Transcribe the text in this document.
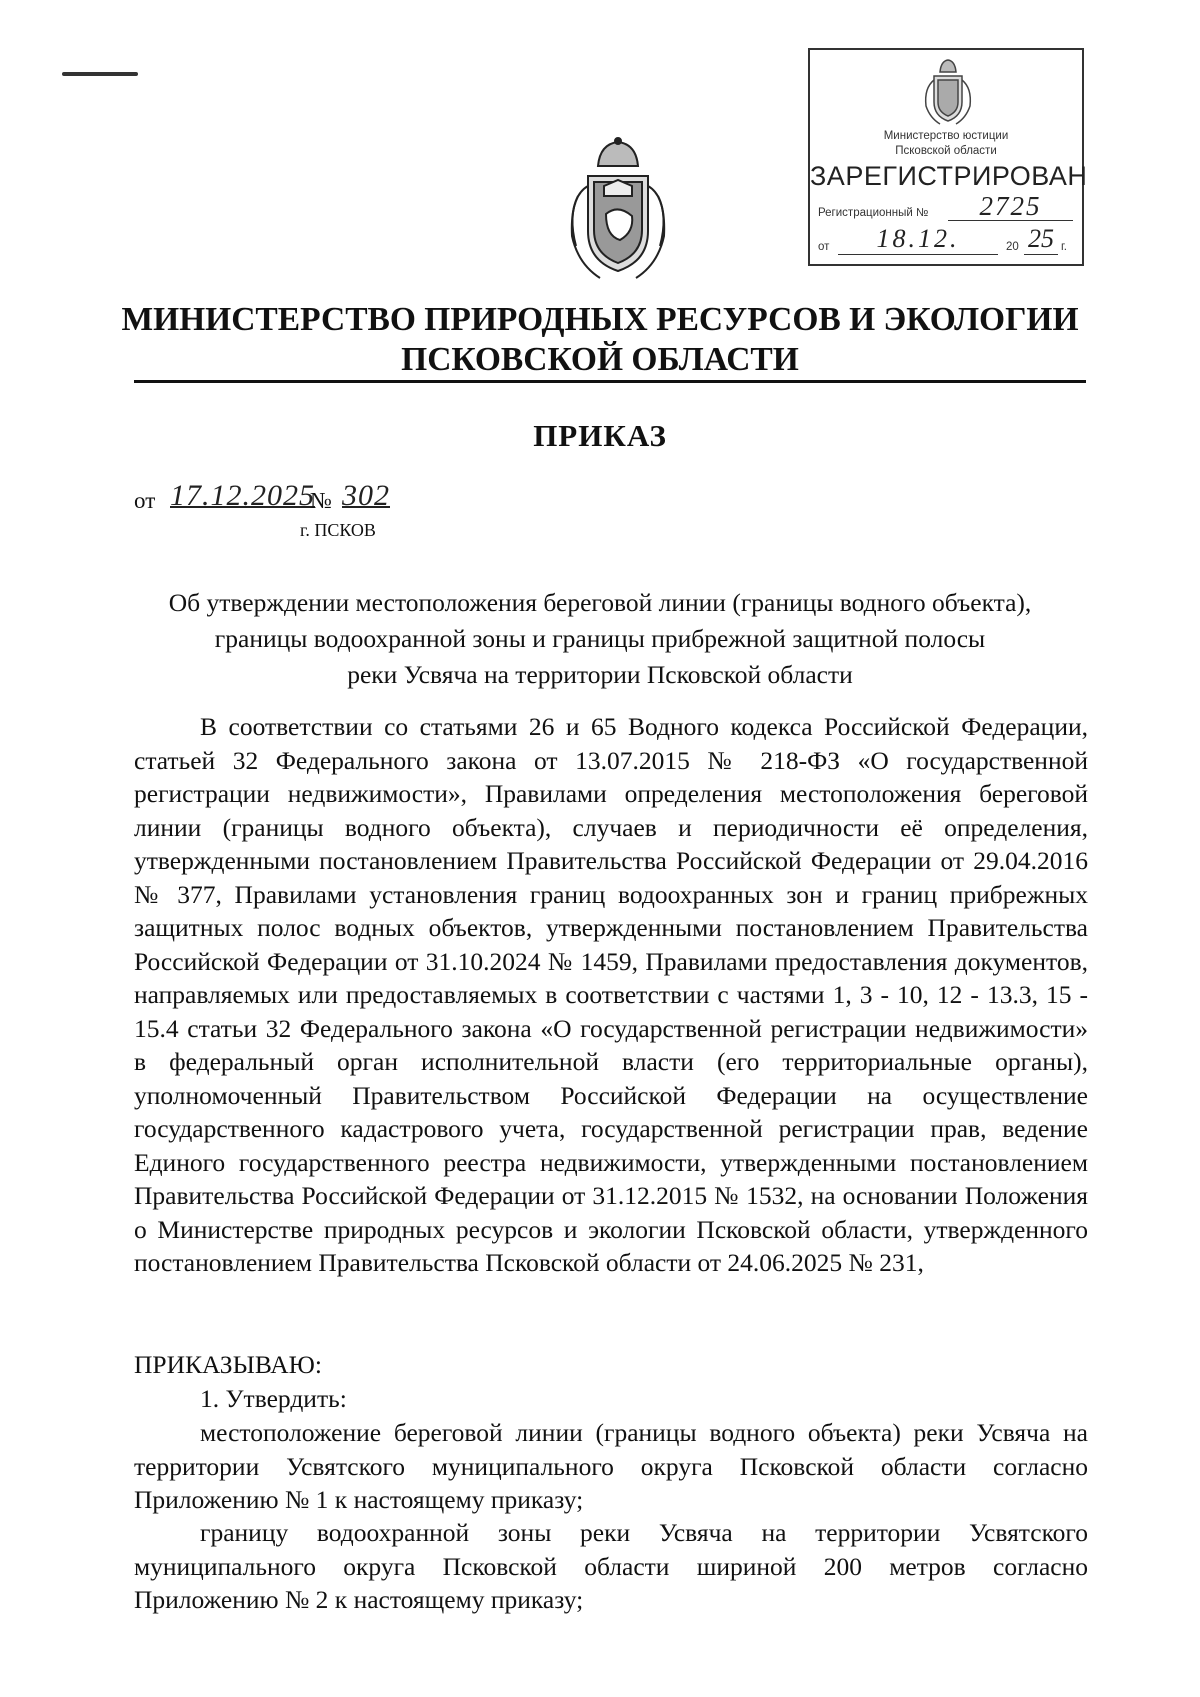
Министерство юстиции
Псковской области
ЗАРЕГИСТРИРОВАН
Регистрационный №	2725
от	18.12.	20 25 г.
МИНИСТЕРСТВО ПРИРОДНЫХ РЕСУРСОВ И ЭКОЛОГИИ
ПСКОВСКОЙ ОБЛАСТИ
ПРИКАЗ
от 17.12.2025
№ 302
г. ПСКОВ
Об утверждении местоположения береговой линии (границы водного объекта),
границы водоохранной зоны и границы прибрежной защитной полосы
реки Усвяча на территории Псковской области
В соответствии со статьями 26 и 65 Водного кодекса Российской Федерации, статьей 32 Федерального закона от 13.07.2015 № 218-ФЗ «О государственной регистрации недвижимости», Правилами определения местоположения береговой линии (границы водного объекта), случаев и периодичности её определения, утвержденными постановлением Правительства Российской Федерации от 29.04.2016 № 377, Правилами установления границ водоохранных зон и границ прибрежных защитных полос водных объектов, утвержденными постановлением Правительства Российской Федерации от 31.10.2024 № 1459, Правилами предоставления документов, направляемых или предоставляемых в соответствии с частями 1, 3 - 10, 12 - 13.3, 15 - 15.4 статьи 32 Федерального закона «О государственной регистрации недвижимости» в федеральный орган исполнительной власти (его территориальные органы), уполномоченный Правительством Российской Федерации на осуществление государственного кадастрового учета, государственной регистрации прав, ведение Единого государственного реестра недвижимости, утвержденными постановлением Правительства Российской Федерации от 31.12.2015 № 1532, на основании Положения о Министерстве природных ресурсов и экологии Псковской области, утвержденного постановлением Правительства Псковской области от 24.06.2025 № 231,
ПРИКАЗЫВАЮ:
1. Утвердить:
местоположение береговой линии (границы водного объекта) реки Усвяча на территории Усвятского муниципального округа Псковской области согласно Приложению № 1 к настоящему приказу;
границу водоохранной зоны реки Усвяча на территории Усвятского муниципального округа Псковской области шириной 200 метров согласно Приложению № 2 к настоящему приказу;
